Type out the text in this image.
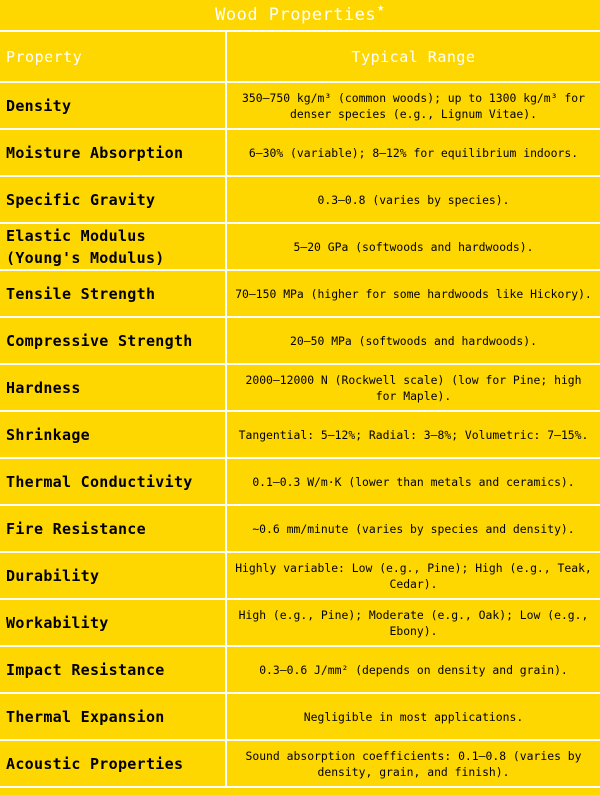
Wood Properties ★
Property	Typical Range
Density	350–750 kg/m³ (common woods); up to 1300 kg/m³ for denser species (e.g., Lignum Vitae).
Moisture Absorption	6–30% (variable); 8–12% for equilibrium indoors.
Specific Gravity	0.3–0.8 (varies by species).
Elastic Modulus (Young's Modulus)	5–20 GPa (softwoods and hardwoods).
Tensile Strength	70–150 MPa (higher for some hardwoods like Hickory).
Compressive Strength	20–50 MPa (softwoods and hardwoods).
Hardness	2000–12000 N (Rockwell scale) (low for Pine; high for Maple).
Shrinkage	Tangential: 5–12%; Radial: 3–8%; Volumetric: 7–15%.
Thermal Conductivity	0.1–0.3 W/m·K (lower than metals and ceramics).
Fire Resistance	~0.6 mm/minute (varies by species and density).
Durability	Highly variable: Low (e.g., Pine); High (e.g., Teak, Cedar).
Workability	High (e.g., Pine); Moderate (e.g., Oak); Low (e.g., Ebony).
Impact Resistance	0.3–0.6 J/mm² (depends on density and grain).
Thermal Expansion	Negligible in most applications.
Acoustic Properties	Sound absorption coefficients: 0.1–0.8 (varies by density, grain, and finish).
